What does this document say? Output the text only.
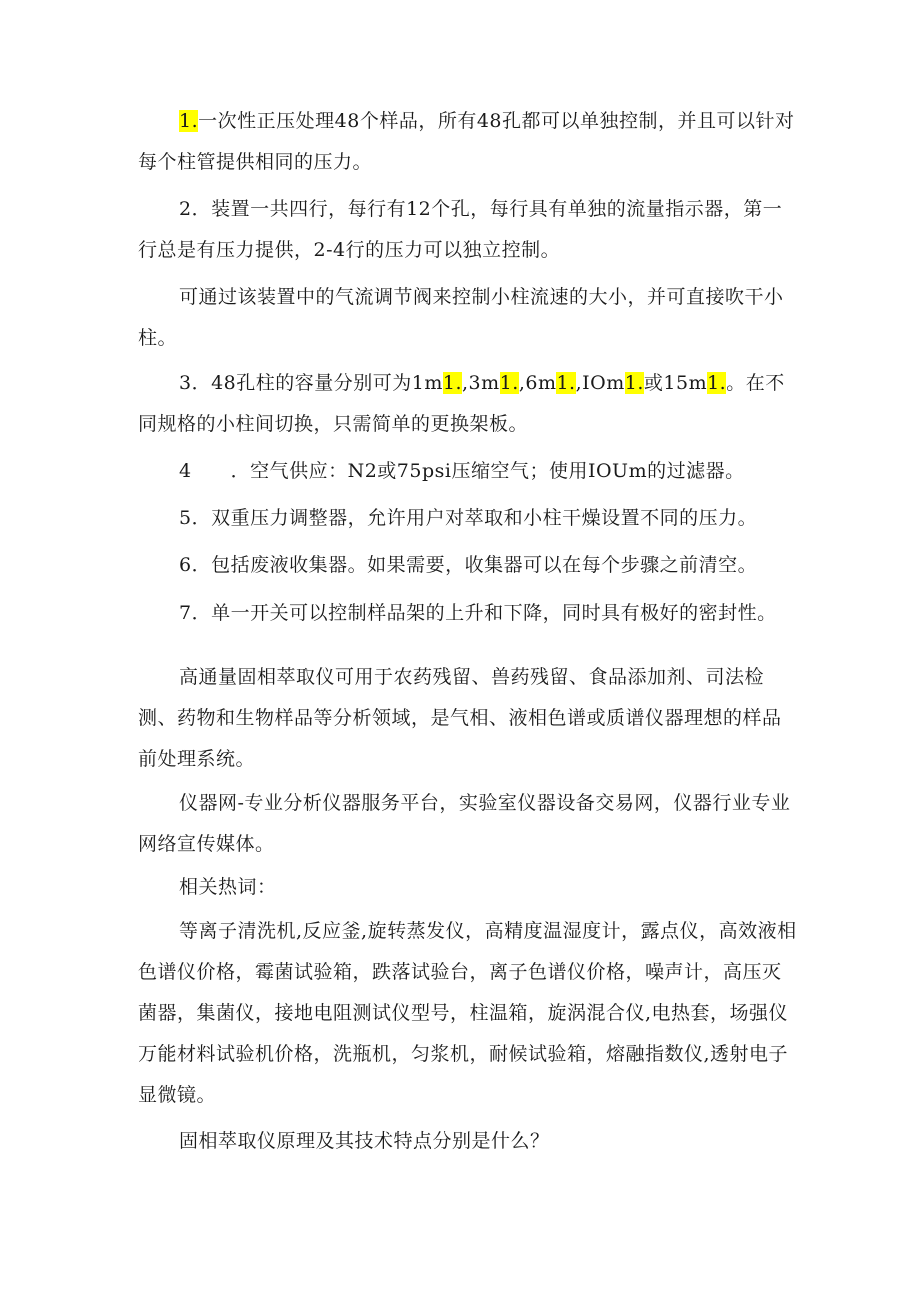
1.一次性正压处理48个样品，所有48孔都可以单独控制，并且可以针对每个柱管提供相同的压力。

2．装置一共四行，每行有12个孔，每行具有单独的流量指示器，第一行总是有压力提供，2-4行的压力可以独立控制。

可通过该装置中的气流调节阀来控制小柱流速的大小，并可直接吹干小柱。

3．48孔柱的容量分别可为1m1.,3m1.,6m1.,IOm1.或15m1.。在不同规格的小柱间切换，只需简单的更换架板。

4　　．空气供应：N2或75psi压缩空气；使用IOUm的过滤器。

5．双重压力调整器，允许用户对萃取和小柱干燥设置不同的压力。

6．包括废液收集器。如果需要，收集器可以在每个步骤之前清空。

7．单一开关可以控制样品架的上升和下降，同时具有极好的密封性。

高通量固相萃取仪可用于农药残留、兽药残留、食品添加剂、司法检测、药物和生物样品等分析领域，是气相、液相色谱或质谱仪器理想的样品前处理系统。

仪器网-专业分析仪器服务平台，实验室仪器设备交易网，仪器行业专业网络宣传媒体。

相关热词：

等离子清洗机,反应釜,旋转蒸发仪，高精度温湿度计，露点仪，高效液相色谱仪价格，霉菌试验箱，跌落试验台，离子色谱仪价格，噪声计，高压灭菌器，集菌仪，接地电阻测试仪型号，柱温箱，旋涡混合仪,电热套，场强仪万能材料试验机价格，洗瓶机，匀浆机，耐候试验箱，熔融指数仪,透射电子显微镜。

固相萃取仪原理及其技术特点分别是什么？
